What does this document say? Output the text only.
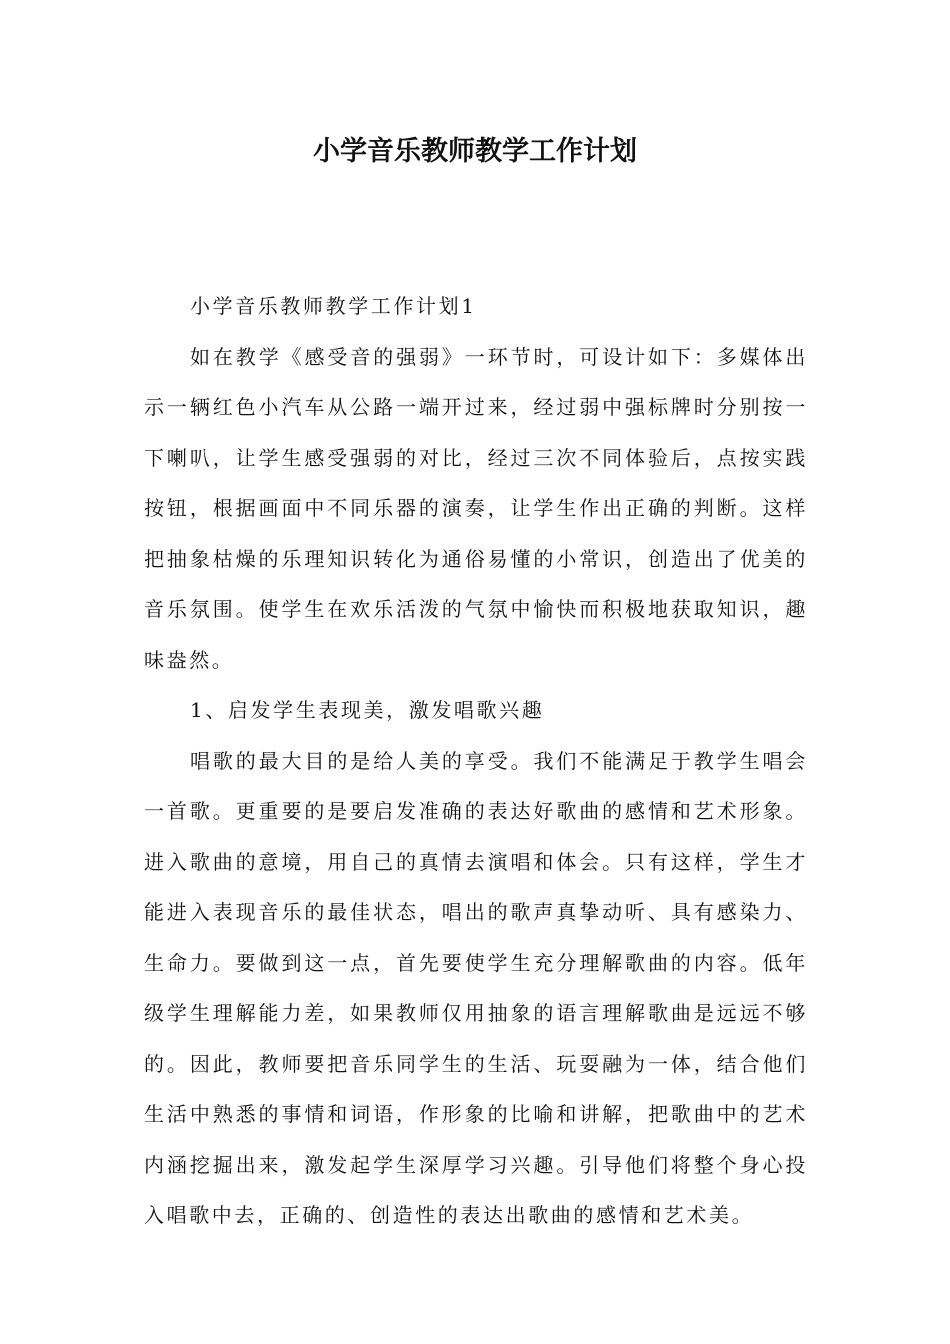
小学音乐教师教学工作计划

小学音乐教师教学工作计划1

如在教学《感受音的强弱》一环节时，可设计如下：多媒体出示一辆红色小汽车从公路一端开过来，经过弱中强标牌时分别按一下喇叭，让学生感受强弱的对比，经过三次不同体验后，点按实践按钮，根据画面中不同乐器的演奏，让学生作出正确的判断。这样把抽象枯燥的乐理知识转化为通俗易懂的小常识，创造出了优美的音乐氛围。使学生在欢乐活泼的气氛中愉快而积极地获取知识，趣味盎然。

1、启发学生表现美，激发唱歌兴趣

唱歌的最大目的是给人美的享受。我们不能满足于教学生唱会一首歌。更重要的是要启发准确的表达好歌曲的感情和艺术形象。进入歌曲的意境，用自己的真情去演唱和体会。只有这样，学生才能进入表现音乐的最佳状态，唱出的歌声真挚动听、具有感染力、生命力。要做到这一点，首先要使学生充分理解歌曲的内容。低年级学生理解能力差，如果教师仅用抽象的语言理解歌曲是远远不够的。因此，教师要把音乐同学生的生活、玩耍融为一体，结合他们生活中熟悉的事情和词语，作形象的比喻和讲解，把歌曲中的艺术内涵挖掘出来，激发起学生深厚学习兴趣。引导他们将整个身心投入唱歌中去，正确的、创造性的表达出歌曲的感情和艺术美。
